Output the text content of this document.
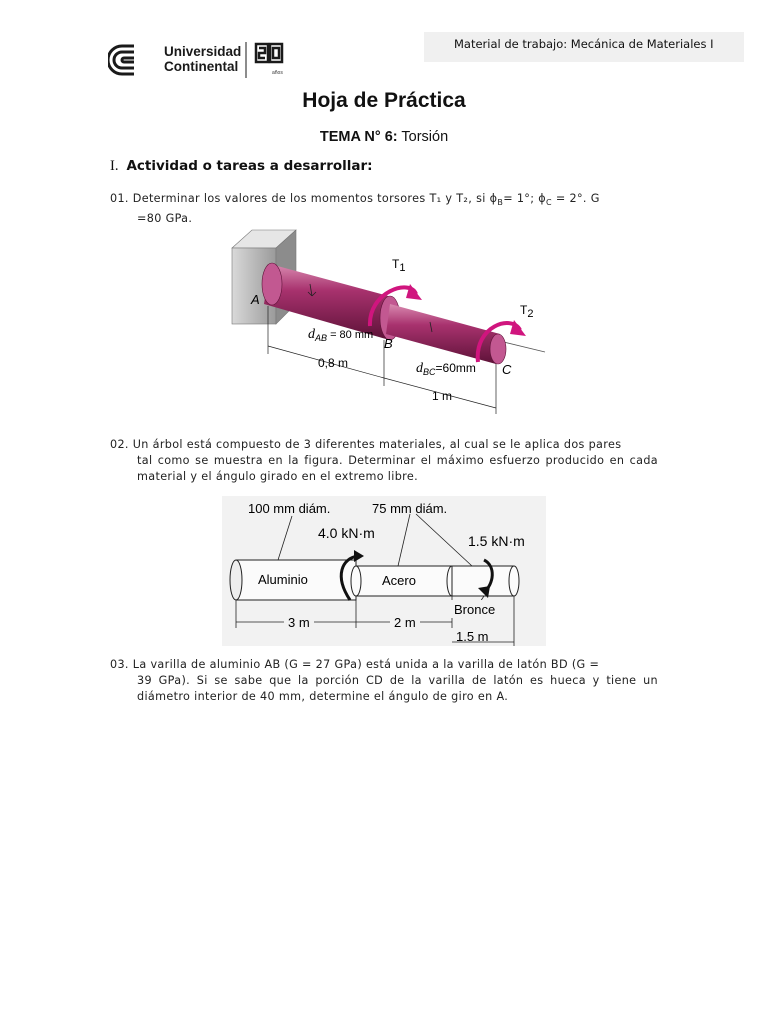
Material de trabajo: Mecánica de Materiales I
Universidad
Continental	años
Hoja de Práctica
TEMA N° 6: Torsión
I. Actividad o tareas a desarrollar:
01. Determinar los valores de los momentos torsores T₁ y T₂, si $\phi_B= 1^\circ$; $\phi_C = 2^\circ$. G
=80 GPa.
T1
T2
A
B
C
$d_{AB} = 80$ mm
$d_{BC}=60mm$
0,8 m
1 m
02. Un árbol está compuesto de 3 diferentes materiales, al cual se le aplica dos pares
tal como se muestra en la figura. Determinar el máximo esfuerzo producido en cada material y el ángulo girado en el extremo libre.
100 mm diám.	75 mm diám.
4.0 kN·m	1.5 kN·m
Aluminio	Acero
Bronce
3 m	2 m
1.5 m
03. La varilla de aluminio AB (G = 27 GPa) está unida a la varilla de latón BD (G =
39 GPa). Si se sabe que la porción CD de la varilla de latón es hueca y tiene un diámetro interior de 40 mm, determine el ángulo de giro en A.
